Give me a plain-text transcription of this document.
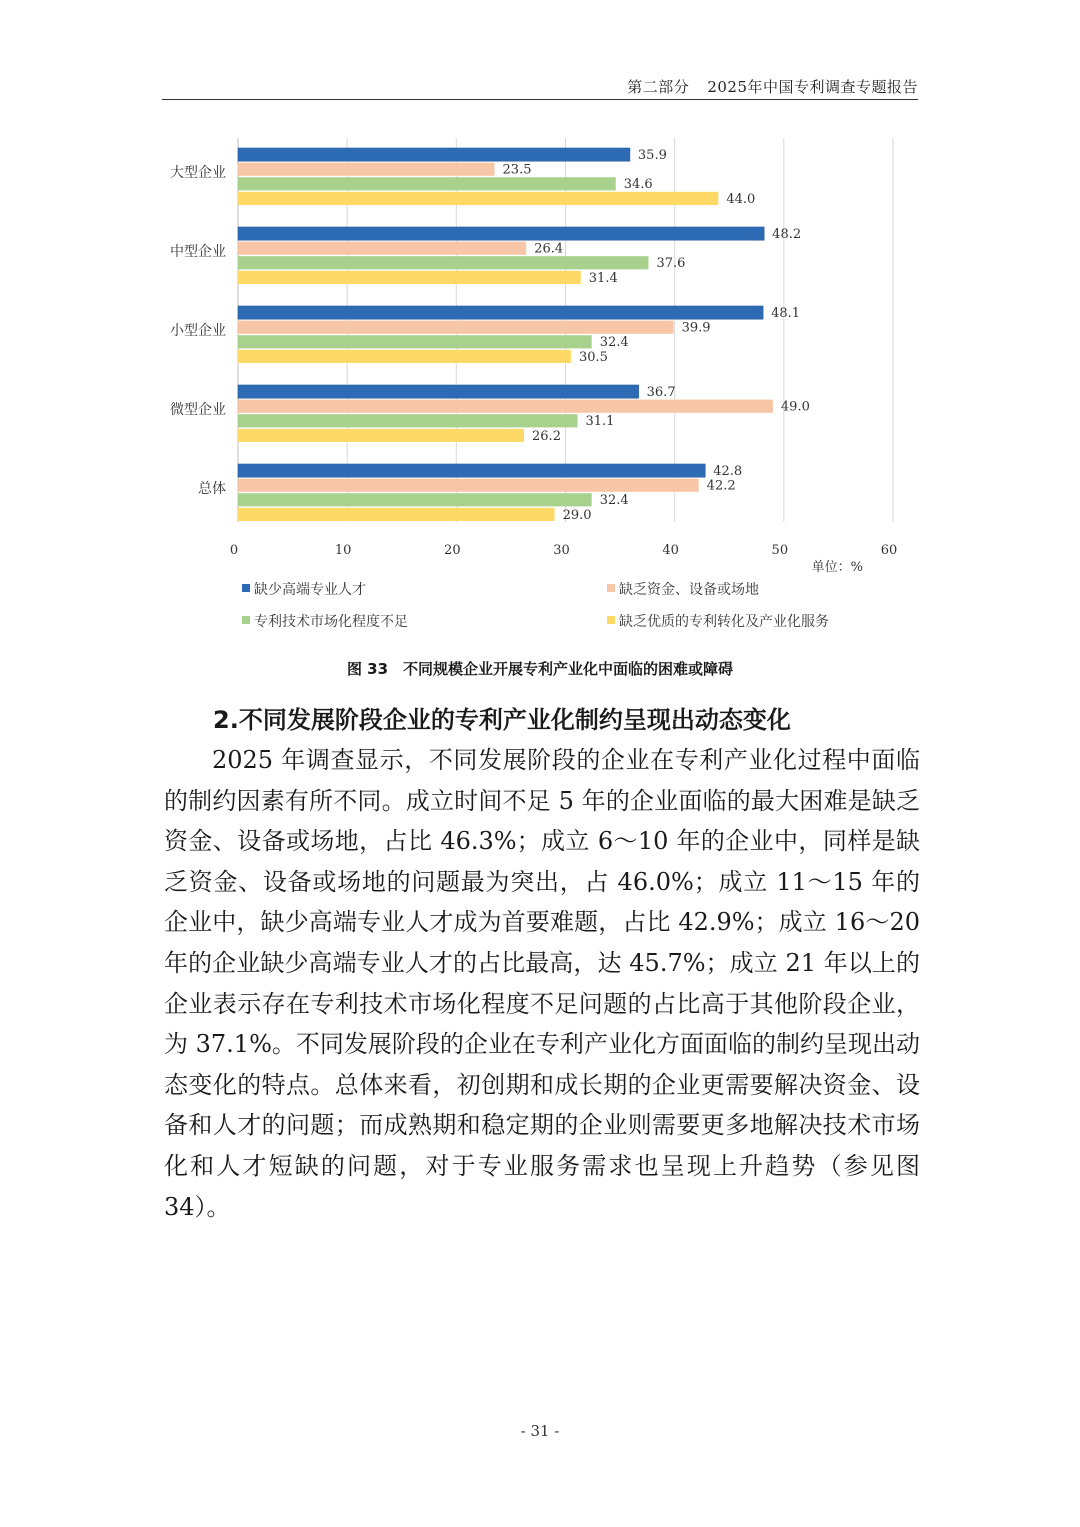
第二部分 2025年中国专利调查专题报告
0	10	20	30	40	50	60
单位：%
大型企业
35.9
23.5
34.6
44.0
中型企业
48.2
26.4
37.6
31.4
小型企业
48.1
39.9
32.4
30.5
微型企业
36.7
49.0
31.1
26.2
总体
42.8
42.2
32.4
29.0
缺少高端专业人才	缺乏资金、设备或场地
专利技术市场化程度不足	缺乏优质的专利转化及产业化服务
图 33　不同规模企业开展专利产业化中面临的困难或障碍
2.不同发展阶段企业的专利产业化制约呈现出动态变化

2025 年调查显示，不同发展阶段的企业在专利产业化过程中面临的制约因素有所不同。成立时间不足 5 年的企业面临的最大困难是缺乏资金、设备或场地，占比 46.3%；成立 6～10 年的企业中，同样是缺乏资金、设备或场地的问题最为突出，占 46.0%；成立 11～15 年的企业中，缺少高端专业人才成为首要难题，占比 42.9%；成立 16～20 年的企业缺少高端专业人才的占比最高，达 45.7%；成立 21 年以上的企业表示存在专利技术市场化程度不足问题的占比高于其他阶段企业，为 37.1%。不同发展阶段的企业在专利产业化方面面临的制约呈现出动态变化的特点。总体来看，初创期和成长期的企业更需要解决资金、设备和人才的问题；而成熟期和稳定期的企业则需要更多地解决技术市场化和人才短缺的问题，对于专业服务需求也呈现上升趋势（参见图 34）。

- 31 -
